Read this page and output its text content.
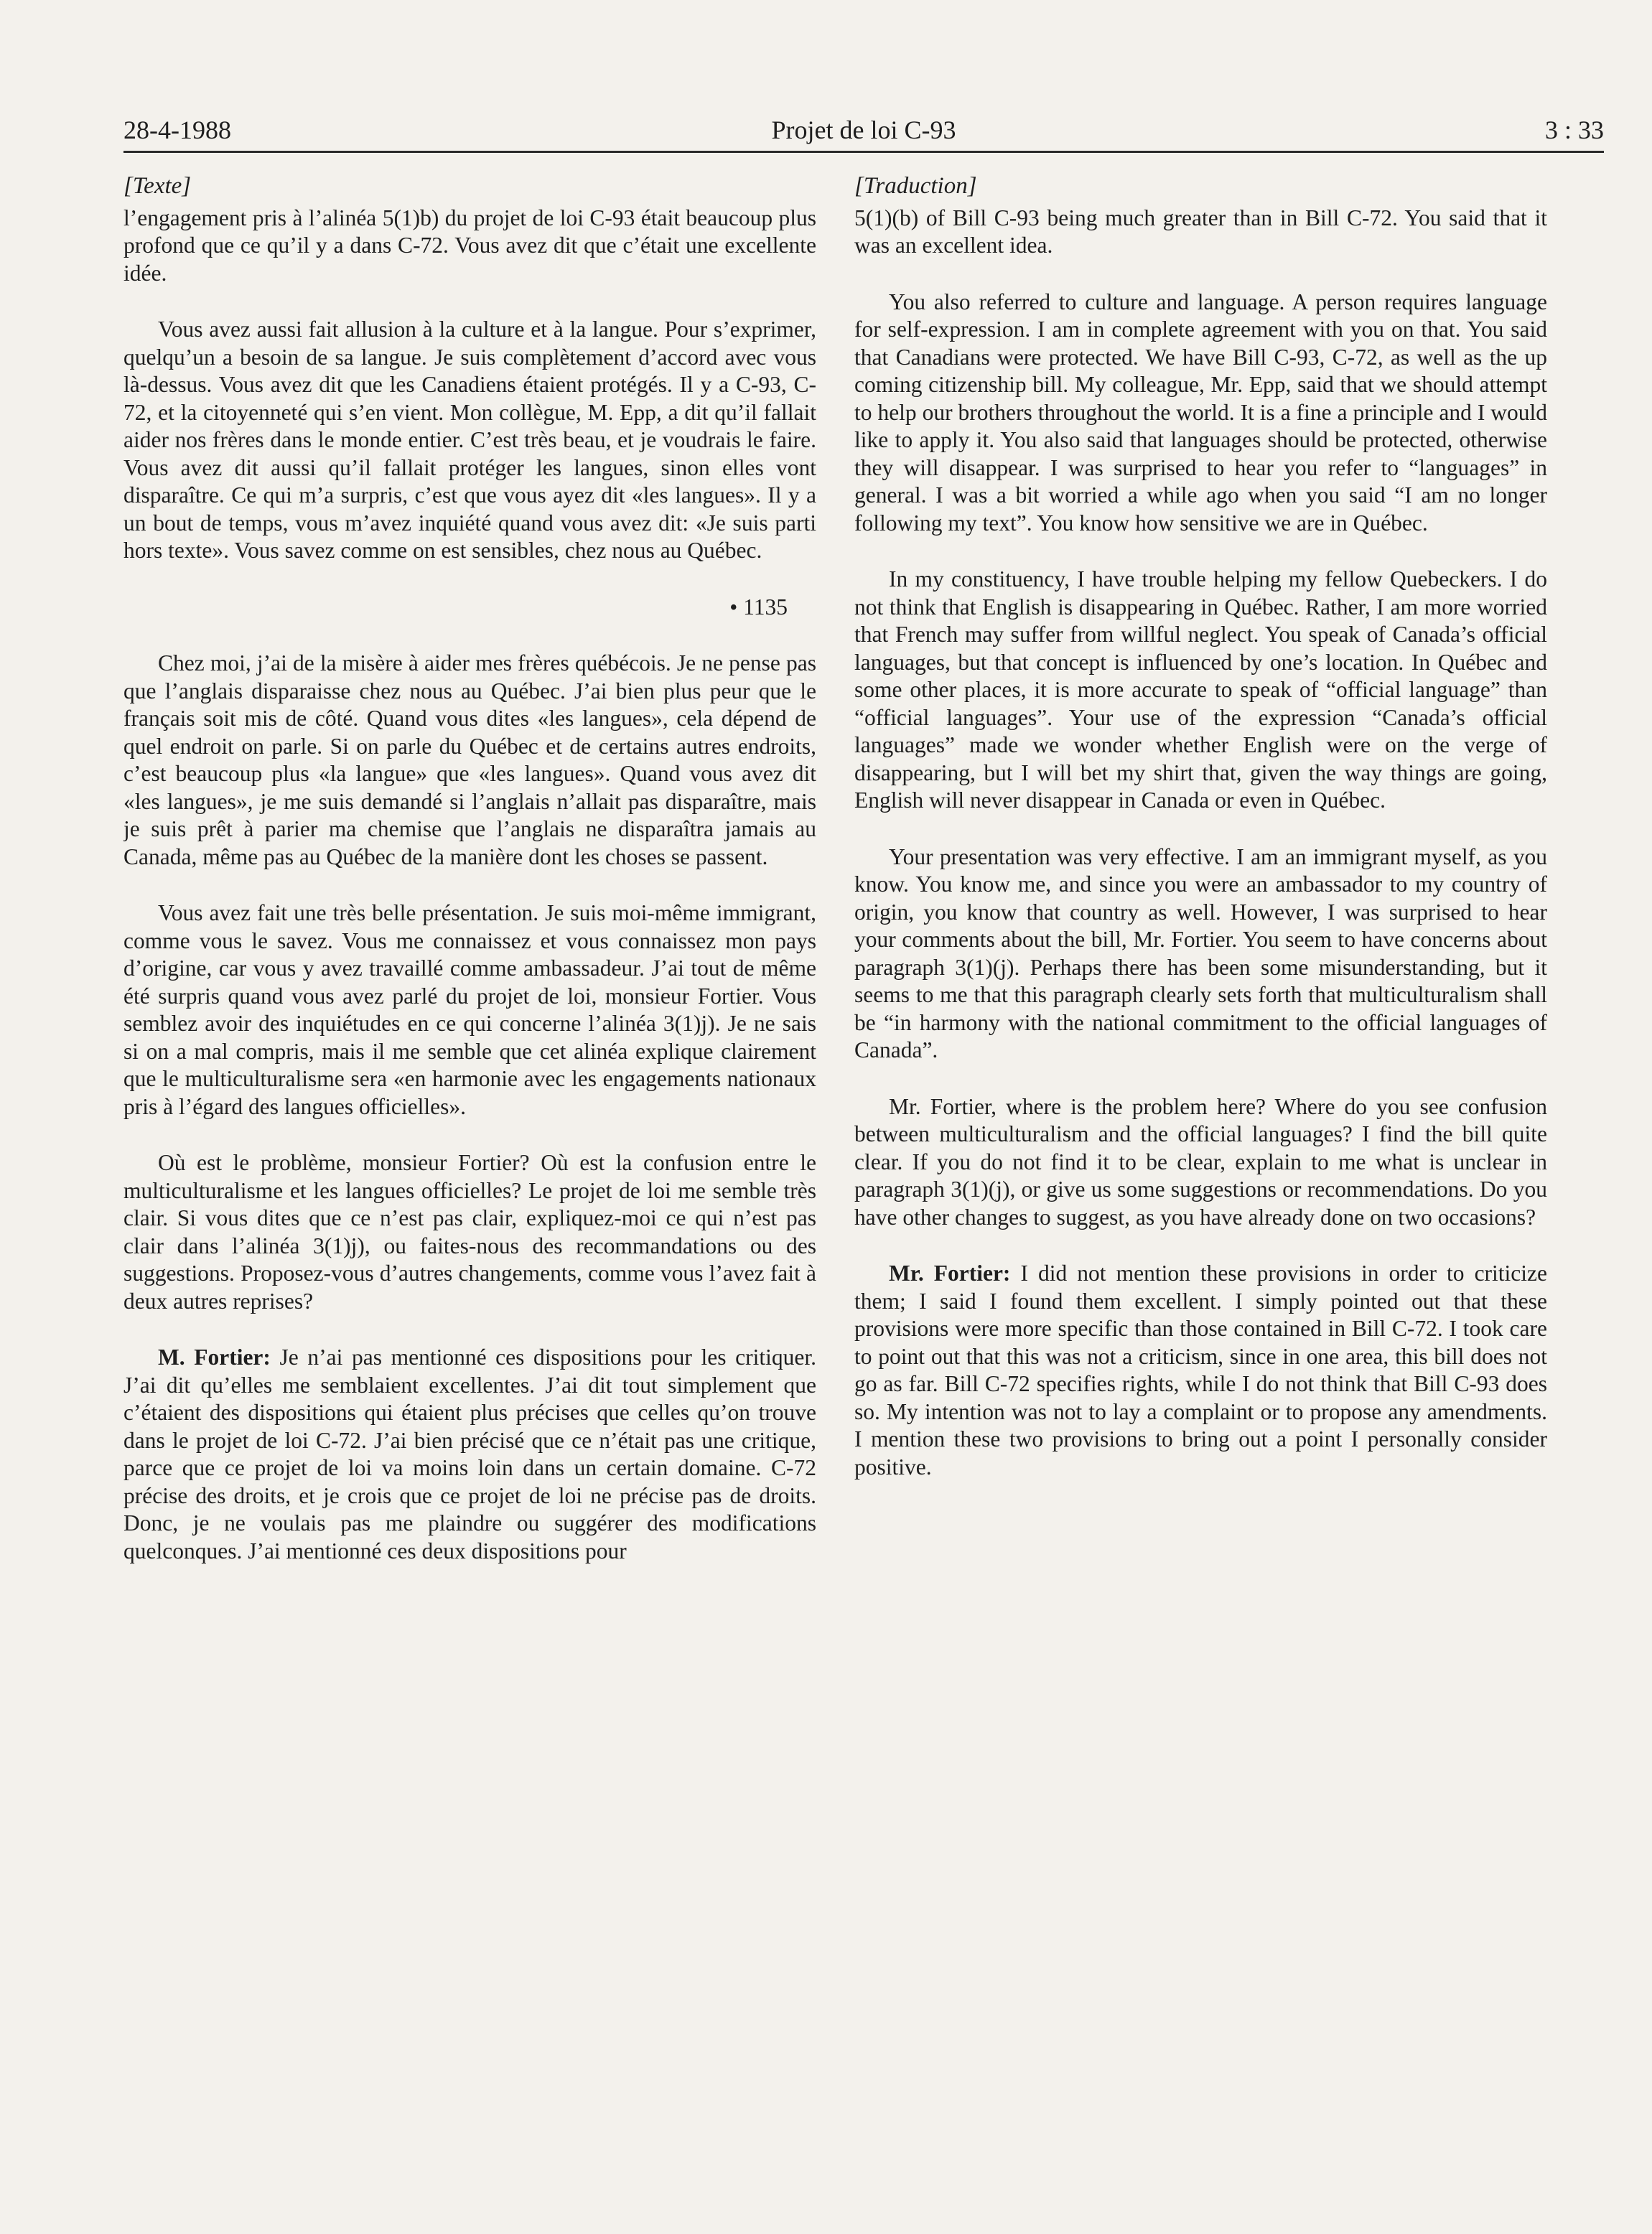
28-4-1988	Projet de loi C-93	3 : 33
[Texte]

l’engagement pris à l’alinéa 5(1)b) du projet de loi C-93 était beaucoup plus profond que ce qu’il y a dans C-72. Vous avez dit que c’était une excellente idée.

Vous avez aussi fait allusion à la culture et à la langue. Pour s’exprimer, quelqu’un a besoin de sa langue. Je suis complètement d’accord avec vous là-dessus. Vous avez dit que les Canadiens étaient protégés. Il y a C-93, C-72, et la citoyenneté qui s’en vient. Mon collègue, M. Epp, a dit qu’il fallait aider nos frères dans le monde entier. C’est très beau, et je voudrais le faire. Vous avez dit aussi qu’il fallait protéger les langues, sinon elles vont disparaître. Ce qui m’a surpris, c’est que vous ayez dit «les langues». Il y a un bout de temps, vous m’avez inquiété quand vous avez dit: «Je suis parti hors texte». Vous savez comme on est sensibles, chez nous au Québec.

• 1135

Chez moi, j’ai de la misère à aider mes frères québécois. Je ne pense pas que l’anglais disparaisse chez nous au Québec. J’ai bien plus peur que le français soit mis de côté. Quand vous dites «les langues», cela dépend de quel endroit on parle. Si on parle du Québec et de certains autres endroits, c’est beaucoup plus «la langue» que «les langues». Quand vous avez dit «les langues», je me suis demandé si l’anglais n’allait pas disparaître, mais je suis prêt à parier ma chemise que l’anglais ne disparaîtra jamais au Canada, même pas au Québec de la manière dont les choses se passent.

Vous avez fait une très belle présentation. Je suis moi-même immigrant, comme vous le savez. Vous me connaissez et vous connaissez mon pays d’origine, car vous y avez travaillé comme ambassadeur. J’ai tout de même été surpris quand vous avez parlé du projet de loi, monsieur Fortier. Vous semblez avoir des inquiétudes en ce qui concerne l’alinéa 3(1)j). Je ne sais si on a mal compris, mais il me semble que cet alinéa explique clairement que le multiculturalisme sera «en harmonie avec les engagements nationaux pris à l’égard des langues officielles».

Où est le problème, monsieur Fortier? Où est la confusion entre le multiculturalisme et les langues officielles? Le projet de loi me semble très clair. Si vous dites que ce n’est pas clair, expliquez-moi ce qui n’est pas clair dans l’alinéa 3(1)j), ou faites-nous des recommandations ou des suggestions. Proposez-vous d’autres changements, comme vous l’avez fait à deux autres reprises?

M. Fortier: Je n’ai pas mentionné ces dispositions pour les critiquer. J’ai dit qu’elles me semblaient excellentes. J’ai dit tout simplement que c’étaient des dispositions qui étaient plus précises que celles qu’on trouve dans le projet de loi C-72. J’ai bien précisé que ce n’était pas une critique, parce que ce projet de loi va moins loin dans un certain domaine. C-72 précise des droits, et je crois que ce projet de loi ne précise pas de droits. Donc, je ne voulais pas me plaindre ou suggérer des modifications quelconques. J’ai mentionné ces deux dispositions pour

[Traduction]

5(1)(b) of Bill C-93 being much greater than in Bill C-72. You said that it was an excellent idea.

You also referred to culture and language. A person requires language for self-expression. I am in complete agreement with you on that. You said that Canadians were protected. We have Bill C-93, C-72, as well as the up coming citizenship bill. My colleague, Mr. Epp, said that we should attempt to help our brothers throughout the world. It is a fine a principle and I would like to apply it. You also said that languages should be protected, otherwise they will disappear. I was surprised to hear you refer to “languages” in general. I was a bit worried a while ago when you said “I am no longer following my text”. You know how sensitive we are in Québec.

In my constituency, I have trouble helping my fellow Quebeckers. I do not think that English is disappearing in Québec. Rather, I am more worried that French may suffer from willful neglect. You speak of Canada’s official languages, but that concept is influenced by one’s location. In Québec and some other places, it is more accurate to speak of “official language” than “official languages”. Your use of the expression “Canada’s official languages” made we wonder whether English were on the verge of disappearing, but I will bet my shirt that, given the way things are going, English will never disappear in Canada or even in Québec.

Your presentation was very effective. I am an immigrant myself, as you know. You know me, and since you were an ambassador to my country of origin, you know that country as well. However, I was surprised to hear your comments about the bill, Mr. Fortier. You seem to have concerns about paragraph 3(1)(j). Perhaps there has been some misunderstanding, but it seems to me that this paragraph clearly sets forth that multiculturalism shall be “in harmony with the national commitment to the official languages of Canada”.

Mr. Fortier, where is the problem here? Where do you see confusion between multiculturalism and the official languages? I find the bill quite clear. If you do not find it to be clear, explain to me what is unclear in paragraph 3(1)(j), or give us some suggestions or recommendations. Do you have other changes to suggest, as you have already done on two occasions?

Mr. Fortier: I did not mention these provisions in order to criticize them; I said I found them excellent. I simply pointed out that these provisions were more specific than those contained in Bill C-72. I took care to point out that this was not a criticism, since in one area, this bill does not go as far. Bill C-72 specifies rights, while I do not think that Bill C-93 does so. My intention was not to lay a complaint or to propose any amendments. I mention these two provisions to bring out a point I personally consider positive.
